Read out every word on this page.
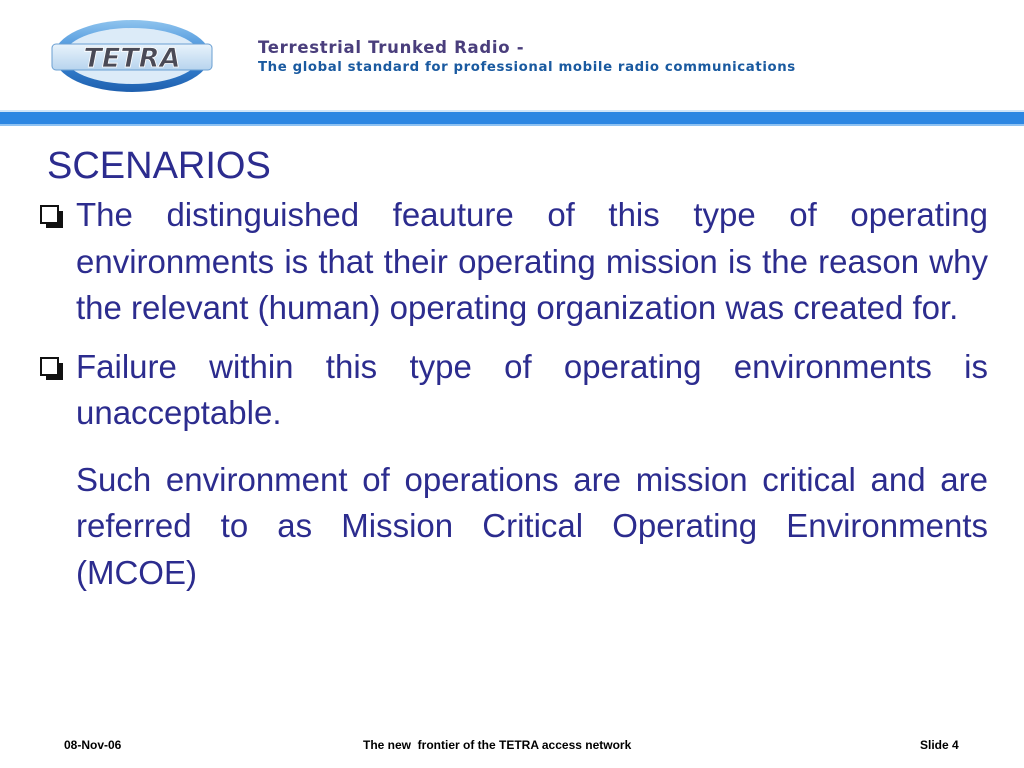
TETRA	Terrestrial Trunked Radio -
The global standard for professional mobile radio communications
SCENARIOS
The distinguished feauture of this type of operating environments is that their operating mission is the reason why the relevant (human) operating organization was created for.
Failure within this type of operating environments is unacceptable.
Such environment of operations are mission critical and are referred to as Mission Critical Operating Environments (MCOE)
08-Nov-06	The new  frontier of the TETRA access network	Slide 4
